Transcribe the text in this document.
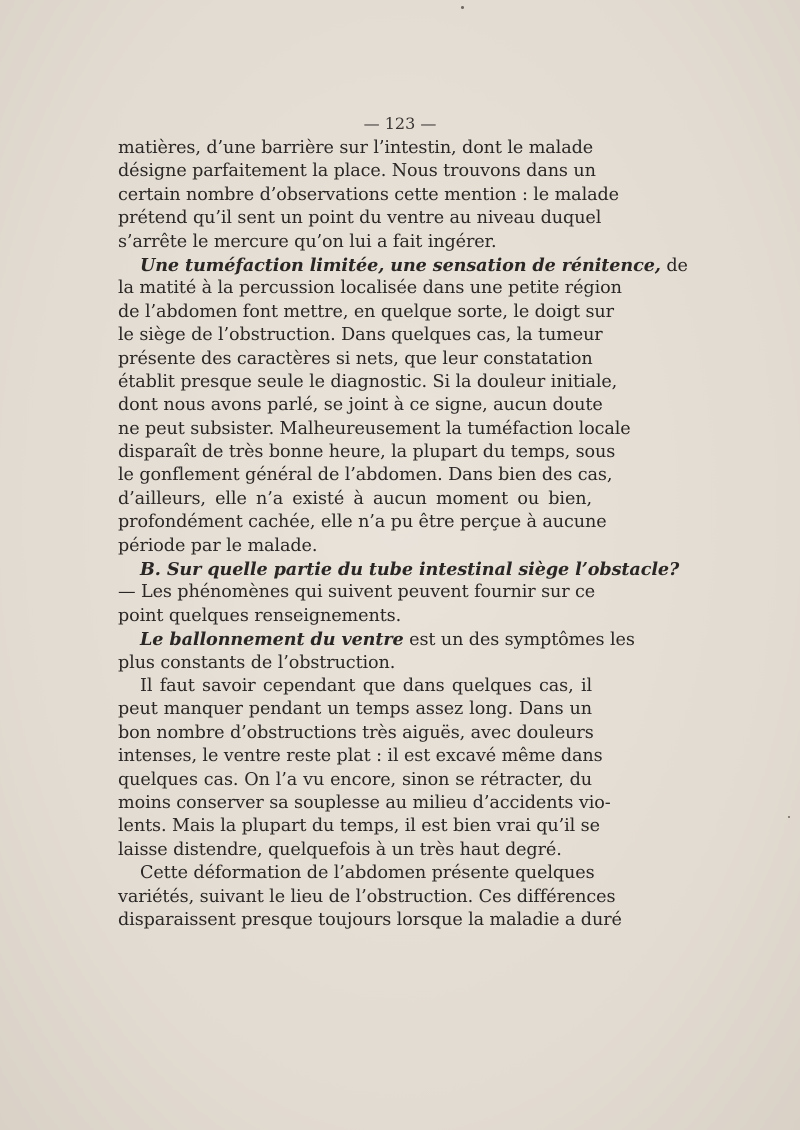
— 123 —
matières, d’une barrière sur l’intestin, dont le malade
désigne parfaitement la place. Nous trouvons dans un
certain nombre d’observations cette mention : le malade
prétend qu’il sent un point du ventre au niveau duquel
s’arrête le mercure qu’on lui a fait ingérer.
Une tuméfaction limitée, une sensation de rénitence, de
la matité à la percussion localisée dans une petite région
de l’abdomen font mettre, en quelque sorte, le doigt sur
le siège de l’obstruction. Dans quelques cas, la tumeur
présente des caractères si nets, que leur constatation
établit presque seule le diagnostic. Si la douleur initiale,
dont nous avons parlé, se joint à ce signe, aucun doute
ne peut subsister. Malheureusement la tuméfaction locale
disparaît de très bonne heure, la plupart du temps, sous
le gonflement général de l’abdomen. Dans bien des cas,
d’ailleurs, elle n’a existé à aucun moment ou bien,
profondément cachée, elle n’a pu être perçue à aucune
période par le malade.
B. Sur quelle partie du tube intestinal siège l’obstacle?
— Les phénomènes qui suivent peuvent fournir sur ce
point quelques renseignements.
Le ballonnement du ventre est un des symptômes les
plus constants de l’obstruction.
Il faut savoir cependant que dans quelques cas, il
peut manquer pendant un temps assez long. Dans un
bon nombre d’obstructions très aiguës, avec douleurs
intenses, le ventre reste plat : il est excavé même dans
quelques cas. On l’a vu encore, sinon se rétracter, du
moins conserver sa souplesse au milieu d’accidents vio-
lents. Mais la plupart du temps, il est bien vrai qu’il se
laisse distendre, quelquefois à un très haut degré.
Cette déformation de l’abdomen présente quelques
variétés, suivant le lieu de l’obstruction. Ces différences
disparaissent presque toujours lorsque la maladie a duré
